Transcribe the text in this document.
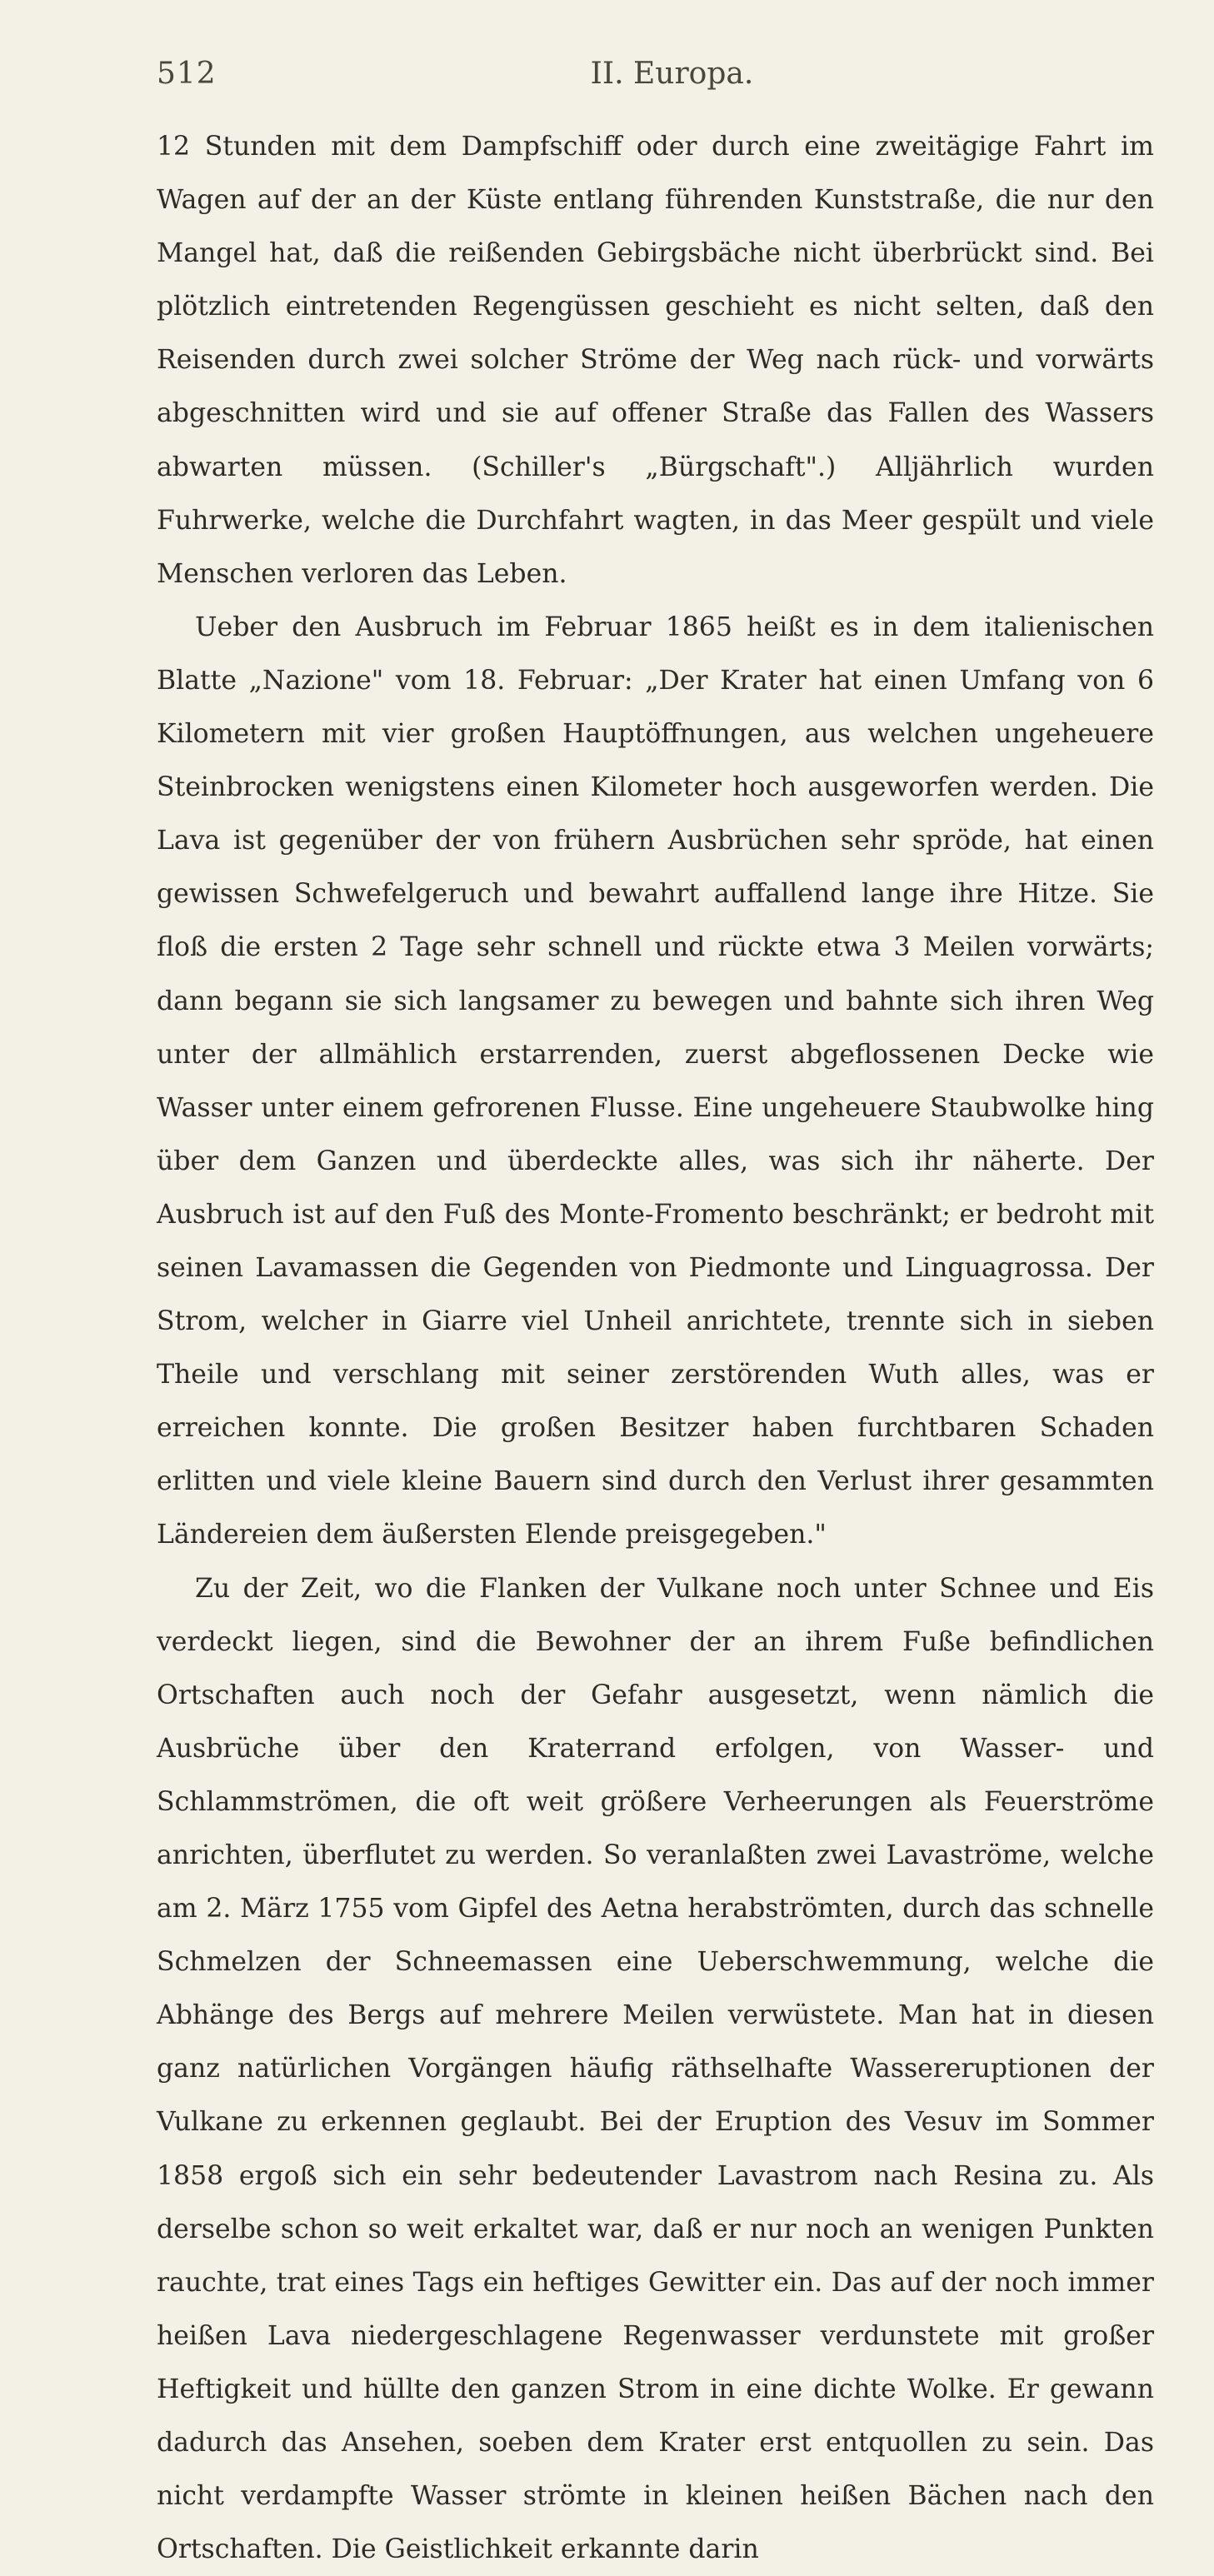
512	II. Europa.

12 Stunden mit dem Dampfschiff oder durch eine zweitägige Fahrt im Wagen auf der an der Küste entlang führenden Kunststraße, die nur den Mangel hat, daß die reißenden Gebirgsbäche nicht überbrückt sind. Bei plötzlich eintretenden Regengüssen geschieht es nicht selten, daß den Reisenden durch zwei solcher Ströme der Weg nach rück- und vorwärts abgeschnitten wird und sie auf offener Straße das Fallen des Wassers abwarten müssen. (Schiller's „Bürgschaft".) Alljährlich wurden Fuhrwerke, welche die Durchfahrt wagten, in das Meer gespült und viele Menschen verloren das Leben.

Ueber den Ausbruch im Februar 1865 heißt es in dem italienischen Blatte „Nazione" vom 18. Februar: „Der Krater hat einen Umfang von 6 Kilometern mit vier großen Hauptöffnungen, aus welchen ungeheuere Steinbrocken wenigstens einen Kilometer hoch ausgeworfen werden. Die Lava ist gegenüber der von frühern Ausbrüchen sehr spröde, hat einen gewissen Schwefelgeruch und bewahrt auffallend lange ihre Hitze. Sie floß die ersten 2 Tage sehr schnell und rückte etwa 3 Meilen vorwärts; dann begann sie sich langsamer zu bewegen und bahnte sich ihren Weg unter der allmählich erstarrenden, zuerst abgeflossenen Decke wie Wasser unter einem gefrorenen Flusse. Eine ungeheuere Staubwolke hing über dem Ganzen und überdeckte alles, was sich ihr näherte. Der Ausbruch ist auf den Fuß des Monte-Fromento beschränkt; er bedroht mit seinen Lavamassen die Gegenden von Piedmonte und Linguagrossa. Der Strom, welcher in Giarre viel Unheil anrichtete, trennte sich in sieben Theile und verschlang mit seiner zerstörenden Wuth alles, was er erreichen konnte. Die großen Besitzer haben furchtbaren Schaden erlitten und viele kleine Bauern sind durch den Verlust ihrer gesammten Ländereien dem äußersten Elende preisgegeben."

Zu der Zeit, wo die Flanken der Vulkane noch unter Schnee und Eis verdeckt liegen, sind die Bewohner der an ihrem Fuße befindlichen Ortschaften auch noch der Gefahr ausgesetzt, wenn nämlich die Ausbrüche über den Kraterrand erfolgen, von Wasser- und Schlammströmen, die oft weit größere Verheerungen als Feuerströme anrichten, überflutet zu werden. So veranlaßten zwei Lavaströme, welche am 2. März 1755 vom Gipfel des Aetna herabströmten, durch das schnelle Schmelzen der Schneemassen eine Ueberschwemmung, welche die Abhänge des Bergs auf mehrere Meilen verwüstete. Man hat in diesen ganz natürlichen Vorgängen häufig räthselhafte Wassereruptionen der Vulkane zu erkennen geglaubt. Bei der Eruption des Vesuv im Sommer 1858 ergoß sich ein sehr bedeutender Lavastrom nach Resina zu. Als derselbe schon so weit erkaltet war, daß er nur noch an wenigen Punkten rauchte, trat eines Tags ein heftiges Gewitter ein. Das auf der noch immer heißen Lava niedergeschlagene Regenwasser verdunstete mit großer Heftigkeit und hüllte den ganzen Strom in eine dichte Wolke. Er gewann dadurch das Ansehen, soeben dem Krater erst entquollen zu sein. Das nicht verdampfte Wasser strömte in kleinen heißen Bächen nach den Ortschaften. Die Geistlichkeit erkannte darin
